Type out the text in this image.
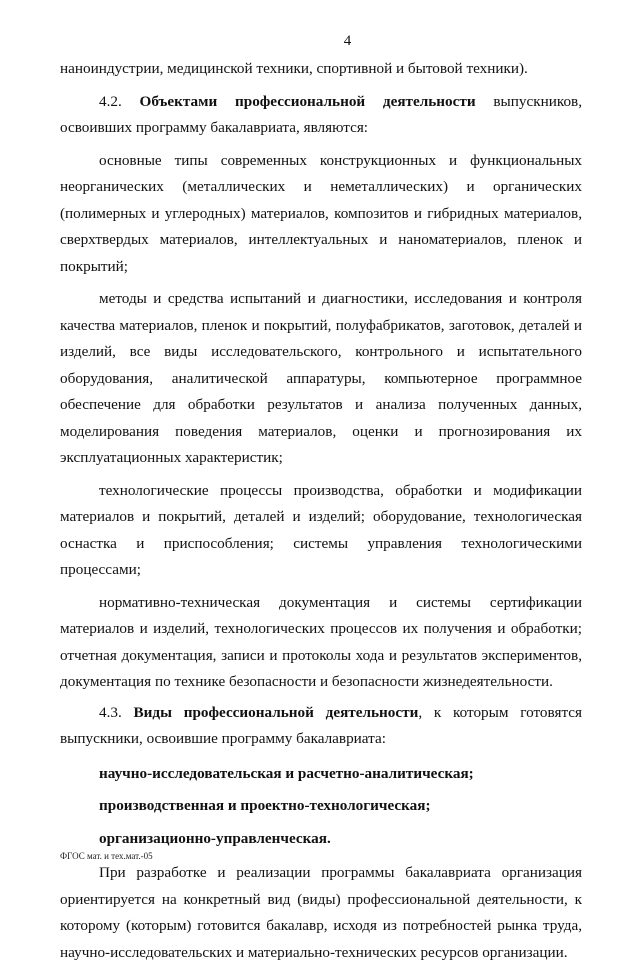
4

наноиндустрии, медицинской техники, спортивной и бытовой техники).

4.2. Объектами профессиональной деятельности выпускников, освоивших программу бакалавриата, являются:

основные типы современных конструкционных и функциональных неорганических (металлических и неметаллических) и органических (полимерных и углеродных) материалов, композитов и гибридных материалов, сверхтвердых материалов, интеллектуальных и наноматериалов, пленок и покрытий;

методы и средства испытаний и диагностики, исследования и контроля качества материалов, пленок и покрытий, полуфабрикатов, заготовок, деталей и изделий, все виды исследовательского, контрольного и испытательного оборудования, аналитической аппаратуры, компьютерное программное обеспечение для обработки результатов и анализа полученных данных, моделирования поведения материалов, оценки и прогнозирования их эксплуатационных характеристик;

технологические процессы производства, обработки и модификации материалов и покрытий, деталей и изделий; оборудование, технологическая оснастка и приспособления; системы управления технологическими процессами;

нормативно-техническая документация и системы сертификации материалов и изделий, технологических процессов их получения и обработки; отчетная документация, записи и протоколы хода и результатов экспериментов, документация по технике безопасности и безопасности жизнедеятельности.

4.3. Виды профессиональной деятельности, к которым готовятся выпускники, освоившие программу бакалавриата:

научно-исследовательская и расчетно-аналитическая;

производственная и проектно-технологическая;

организационно-управленческая.

При разработке и реализации программы бакалавриата организация ориентируется на конкретный вид (виды) профессиональной деятельности, к которому (которым) готовится бакалавр, исходя из потребностей рынка труда, научно-исследовательских и материально-технических ресурсов организации.

ФГОС мат. и тех.мат.-05
